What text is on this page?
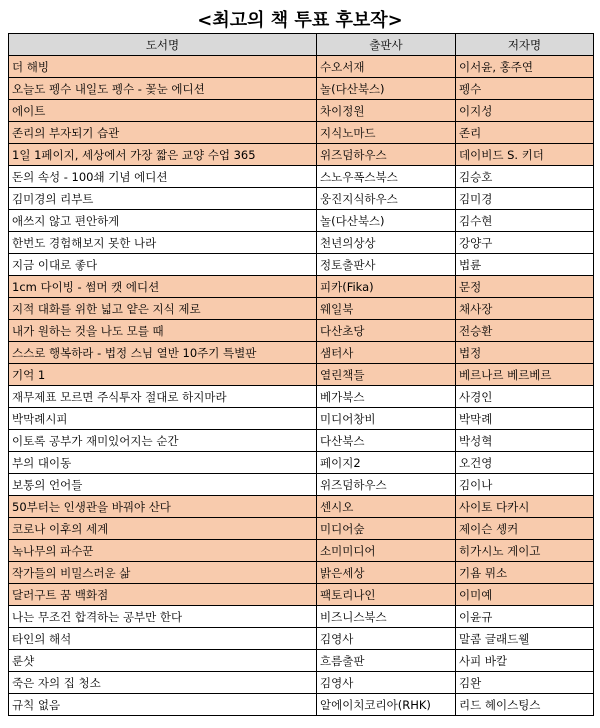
<최고의 책 투표 후보작>
도서명	출판사	저자명
더 해빙	수오서재	이서윤, 홍주연
오늘도 펭수 내일도 펭수 - 꽃눈 에디션	놀(다산북스)	펭수
에이트	차이정원	이지성
존리의 부자되기 습관	지식노마드	존리
1일 1페이지, 세상에서 가장 짧은 교양 수업 365	위즈덤하우스	데이비드 S. 키더
돈의 속성 - 100쇄 기념 에디션	스노우폭스북스	김승호
김미경의 리부트	웅진지식하우스	김미경
애쓰지 않고 편안하게	놀(다산북스)	김수현
한번도 경험해보지 못한 나라	천년의상상	강양구
지금 이대로 좋다	정토출판사	법륜
1cm 다이빙 - 썸머 캣 에디션	피카(Fika)	문정
지적 대화를 위한 넓고 얕은 지식 제로	웨일북	채사장
내가 원하는 것을 나도 모를 때	다산초당	전승환
스스로 행복하라 - 법정 스님 열반 10주기 특별판	샘터사	법정
기억 1	열린책들	베르나르 베르베르
재무제표 모르면 주식투자 절대로 하지마라	베가북스	사경인
박막례시피	미디어창비	박막례
이토록 공부가 재미있어지는 순간	다산북스	박성혁
부의 대이동	페이지2	오건영
보통의 언어들	위즈덤하우스	김이나
50부터는 인생관을 바꿔야 산다	센시오	사이토 다카시
코로나 이후의 세계	미디어숲	제이슨 솅커
녹나무의 파수꾼	소미미디어	히가시노 게이고
작가들의 비밀스러운 삶	밝은세상	기욤 뮈소
달러구트 꿈 백화점	팩토리나인	이미예
나는 무조건 합격하는 공부만 한다	비즈니스북스	이윤규
타인의 해석	김영사	말콤 글래드웰
룬샷	흐름출판	사피 바칼
죽은 자의 집 청소	김영사	김완
규칙 없음	알에이치코리아(RHK)	리드 헤이스팅스
